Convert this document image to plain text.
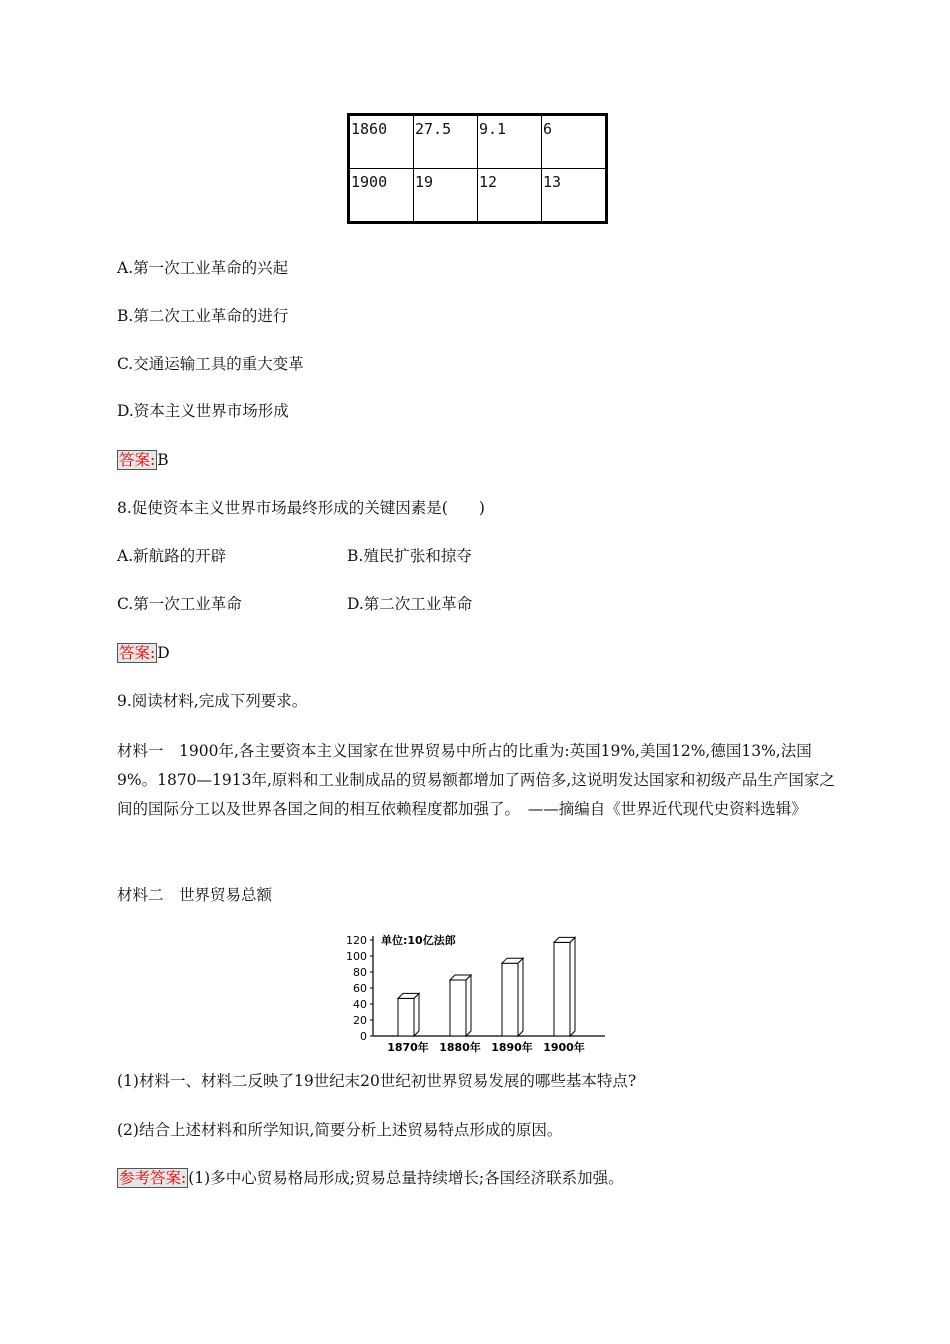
1860	27.5	9.1	6
1900	19	12	13
A.第一次工业革命的兴起
B.第二次工业革命的进行
C.交通运输工具的重大变革
D.资本主义世界市场形成
答案: B
8.促使资本主义世界市场最终形成的关键因素是(　　)
A.新航路的开辟	B.殖民扩张和掠夺
C.第一次工业革命	D.第二次工业革命
答案: D
9.阅读材料,完成下列要求。
材料一　1900年,各主要资本主义国家在世界贸易中所占的比重为:英国19%,美国12%,德国13%,法国9%。1870—1913年,原料和工业制成品的贸易额都增加了两倍多,这说明发达国家和初级产品生产国家之间的国际分工以及世界各国之间的相互依赖程度都加强了。　——摘编自《世界近代现代史资料选辑》
材料二　世界贸易总额
0
20
40
60
80
100
120 单位:10亿法郎
1870年 1880年 1890年 1900年
(1)材料一、材料二反映了19世纪末20世纪初世界贸易发展的哪些基本特点?
(2)结合上述材料和所学知识,简要分析上述贸易特点形成的原因。
参考答案: (1)多中心贸易格局形成;贸易总量持续增长;各国经济联系加强。
